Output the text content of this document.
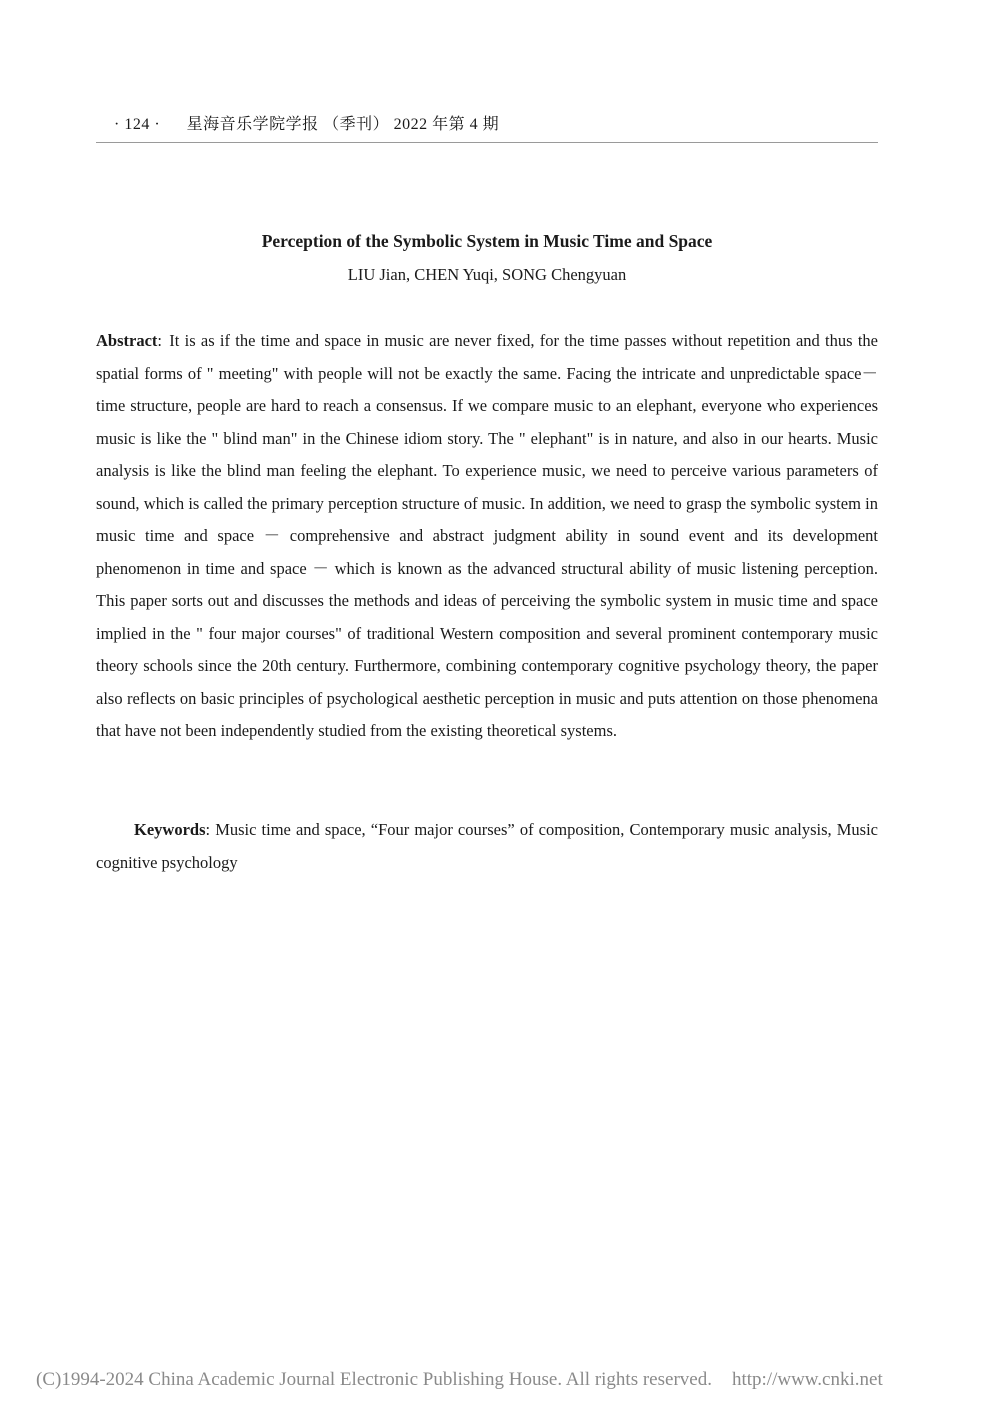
· 124 · 星海音乐学院学报 （季刊） 2022 年第 4 期
Perception of the Symbolic System in Music Time and Space
LIU Jian, CHEN Yuqi, SONG Chengyuan

Abstract: It is as if the time and space in music are never fixed, for the time passes without repetition and thus the spatial forms of " meeting" with people will not be exactly the same. Facing the intricate and unpredictable space－time structure, people are hard to reach a consensus. If we compare music to an elephant, everyone who experiences music is like the " blind man" in the Chinese idiom story. The " elephant" is in nature, and also in our hearts. Music analysis is like the blind man feeling the elephant. To experience music, we need to perceive various parameters of sound, which is called the primary perception structure of music. In addition, we need to grasp the symbolic system in music time and space － comprehensive and abstract judgment ability in sound event and its development phenomenon in time and space － which is known as the advanced structural ability of music listening perception. This paper sorts out and discusses the methods and ideas of perceiving the symbolic system in music time and space implied in the " four major courses" of traditional Western composition and several prominent contemporary music theory schools since the 20th century. Furthermore, combining contemporary cognitive psychology theory, the paper also reflects on basic principles of psychological aesthetic perception in music and puts attention on those phenomena that have not been independently studied from the existing theoretical systems.

Keywords: Music time and space, “Four major courses” of composition, Contemporary music analysis, Music cognitive psychology

(C)1994-2024 China Academic Journal Electronic Publishing House. All rights reserved. http://www.cnki.net
